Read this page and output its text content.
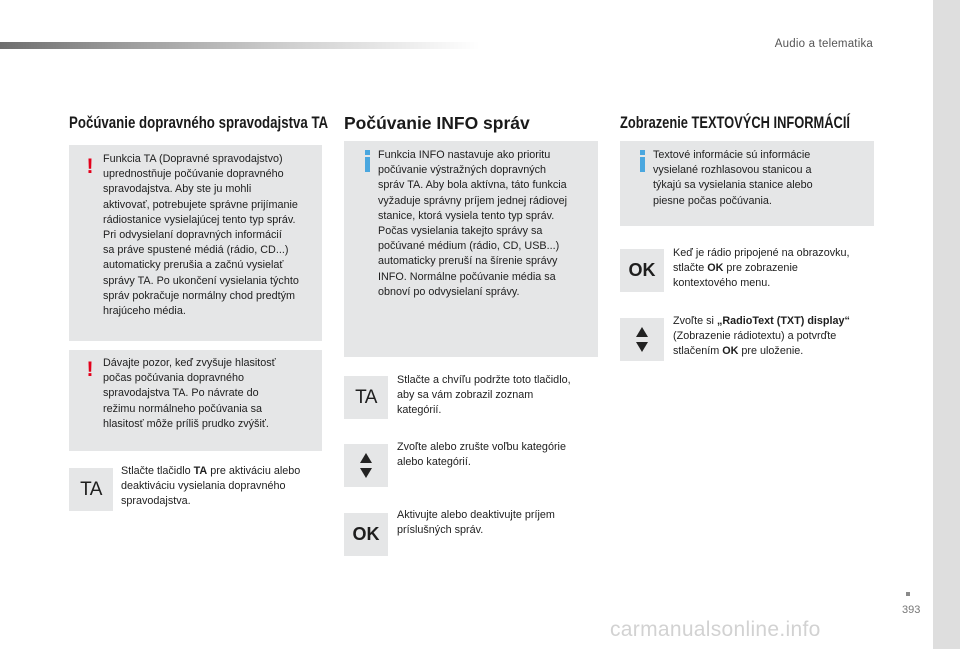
Audio a telematika
393
carmanualsonline.info
Počúvanie dopravného spravodajstva TA
! Funkcia TA (Dopravné spravodajstvo)
uprednostňuje počúvanie dopravného
spravodajstva. Aby ste ju mohli
aktivovať, potrebujete správne prijímanie
rádiostanice vysielajúcej tento typ správ.
Pri odvysielaní dopravných informácií
sa práve spustené médiá (rádio, CD...)
automaticky prerušia a začnú vysielať
správy TA. Po ukončení vysielania týchto
správ pokračuje normálny chod predtým
hrajúceho média.
! Dávajte pozor, keď zvyšuje hlasitosť
počas počúvania dopravného
spravodajstva TA. Po návrate do
režimu normálneho počúvania sa
hlasitosť môže príliš prudko zvýšiť.
TA
Stlačte tlačidlo TA pre aktiváciu alebo
deaktiváciu vysielania dopravného
spravodajstva.
Počúvanie INFO správ
Funkcia INFO nastavuje ako prioritu
počúvanie výstražných dopravných
správ TA. Aby bola aktívna, táto funkcia
vyžaduje správny príjem jednej rádiovej
stanice, ktorá vysiela tento typ správ.
Počas vysielania takejto správy sa
počúvané médium (rádio, CD, USB...)
automaticky preruší na šírenie správy
INFO. Normálne počúvanie média sa
obnoví po odvysielaní správy.
TA
Stlačte a chvíľu podržte toto tlačidlo,
aby sa vám zobrazil zoznam
kategórií.
Zvoľte alebo zrušte voľbu kategórie
alebo kategórií.
OK
Aktivujte alebo deaktivujte príjem
príslušných správ.
Zobrazenie TEXTOVÝCH INFORMÁCIÍ
Textové informácie sú informácie
vysielané rozhlasovou stanicou a
týkajú sa vysielania stanice alebo
piesne počas počúvania.
OK
Keď je rádio pripojené na obrazovku,
stlačte OK pre zobrazenie
kontextového menu.
Zvoľte si „RadioText (TXT) display“
(Zobrazenie rádiotextu) a potvrďte
stlačením OK pre uloženie.
